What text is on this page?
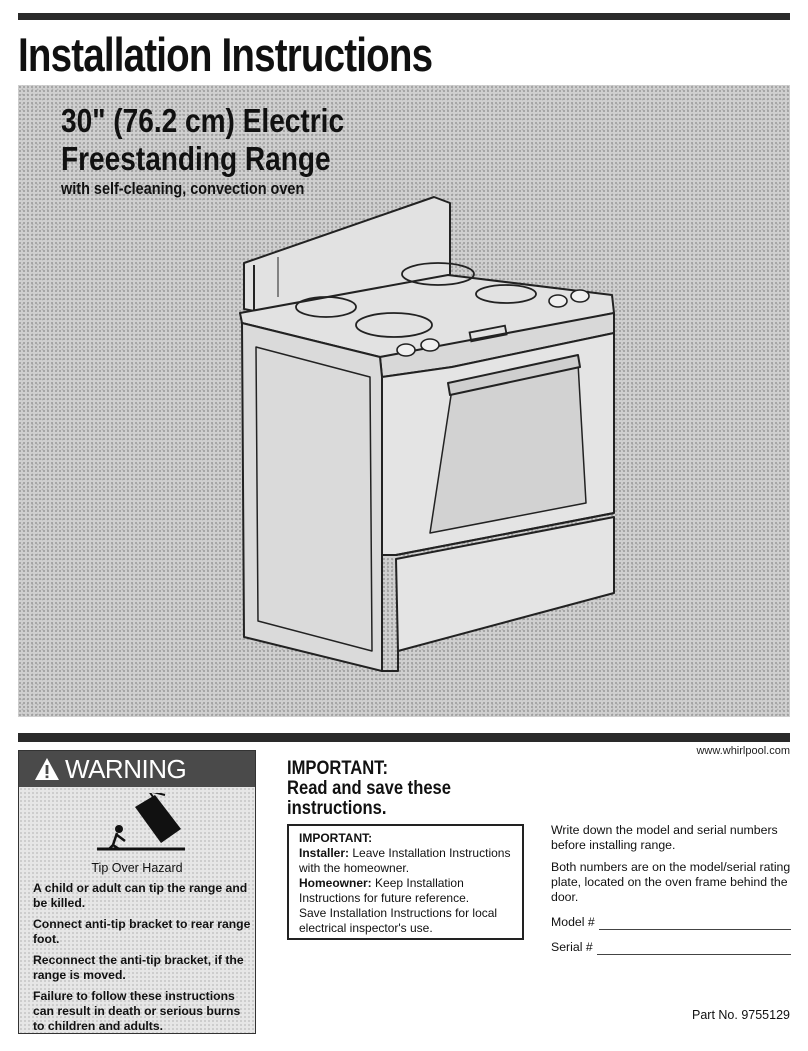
Installation Instructions
30" (76.2 cm) Electric
Freestanding Range
with self-cleaning, convection oven
WARNING
Tip Over Hazard
A child or adult can tip the range and be killed.
Connect anti-tip bracket to rear range foot.
Reconnect the anti-tip bracket, if the range is moved.
Failure to follow these instructions can result in death or serious burns to children and adults.
IMPORTANT:
Read and save these
instructions.
IMPORTANT:
Installer: Leave Installation Instructions with the homeowner.
Homeowner: Keep Installation Instructions for future reference.
Save Installation Instructions for local electrical inspector's use.
www.whirlpool.com

Write down the model and serial numbers before installing range.

Both numbers are on the model/serial rating plate, located on the oven frame behind the door.

Model #
Serial #
Part No. 9755129
